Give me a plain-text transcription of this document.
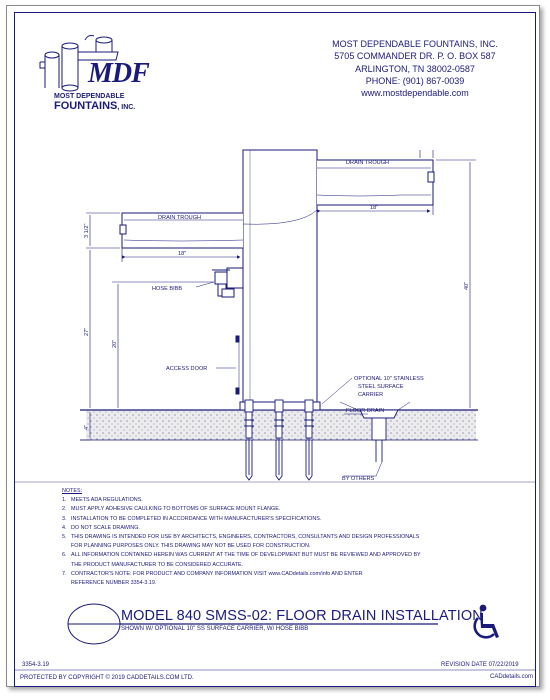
MDF
MOST DEPENDABLE
FOUNTAINS, INC.
MOST DEPENDABLE FOUNTAINS, INC.
5705 COMMANDER DR. P. O. BOX 587
ARLINGTON, TN 38002-0587
PHONE: (901) 867-0039
www.mostdependable.com
DRAIN TROUGH
DRAIN TROUGH
18"
18"
3 1/2"
27"
20"
4"
40"
HOSE BIBB
ACCESS DOOR
OPTIONAL 10" STAINLESS
STEEL SURFACE
CARRIER
FLOOR DRAIN
BY OTHERS
NOTES:
1. MEETS ADA REGULATIONS.
2. MUST APPLY ADHESIVE CAULKING TO BOTTOMS OF SURFACE MOUNT FLANGE.
3. INSTALLATION TO BE COMPLETED IN ACCORDANCE WITH MANUFACTURER'S SPECIFICATIONS.
4. DO NOT SCALE DRAWING.
5. THIS DRAWING IS INTENDED FOR USE BY ARCHITECTS, ENGINEERS, CONTRACTORS, CONSULTANTS AND DESIGN PROFESSIONALS
FOR PLANNING PURPOSES ONLY. THIS DRAWING MAY NOT BE USED FOR CONSTRUCTION.
6. ALL INFORMATION CONTAINED HEREIN WAS CURRENT AT THE TIME OF DEVELOPMENT BUT MUST BE REVIEWED AND APPROVED BY
THE PRODUCT MANUFACTURER TO BE CONSIDERED ACCURATE.
7. CONTRACTOR'S NOTE: FOR PRODUCT AND COMPANY INFORMATION VISIT www.CADdetails.com/info AND ENTER
REFERENCE NUMBER 3354-3.19.
MODEL 840 SMSS-02: FLOOR DRAIN INSTALLATION
SHOWN W/ OPTIONAL 10" SS SURFACE CARRIER, W/ HOSE BIBB
3354-3.19	REVISION DATE 07/22/2019
PROTECTED BY COPYRIGHT © 2019 CADDETAILS.COM LTD.	CADdetails.com
